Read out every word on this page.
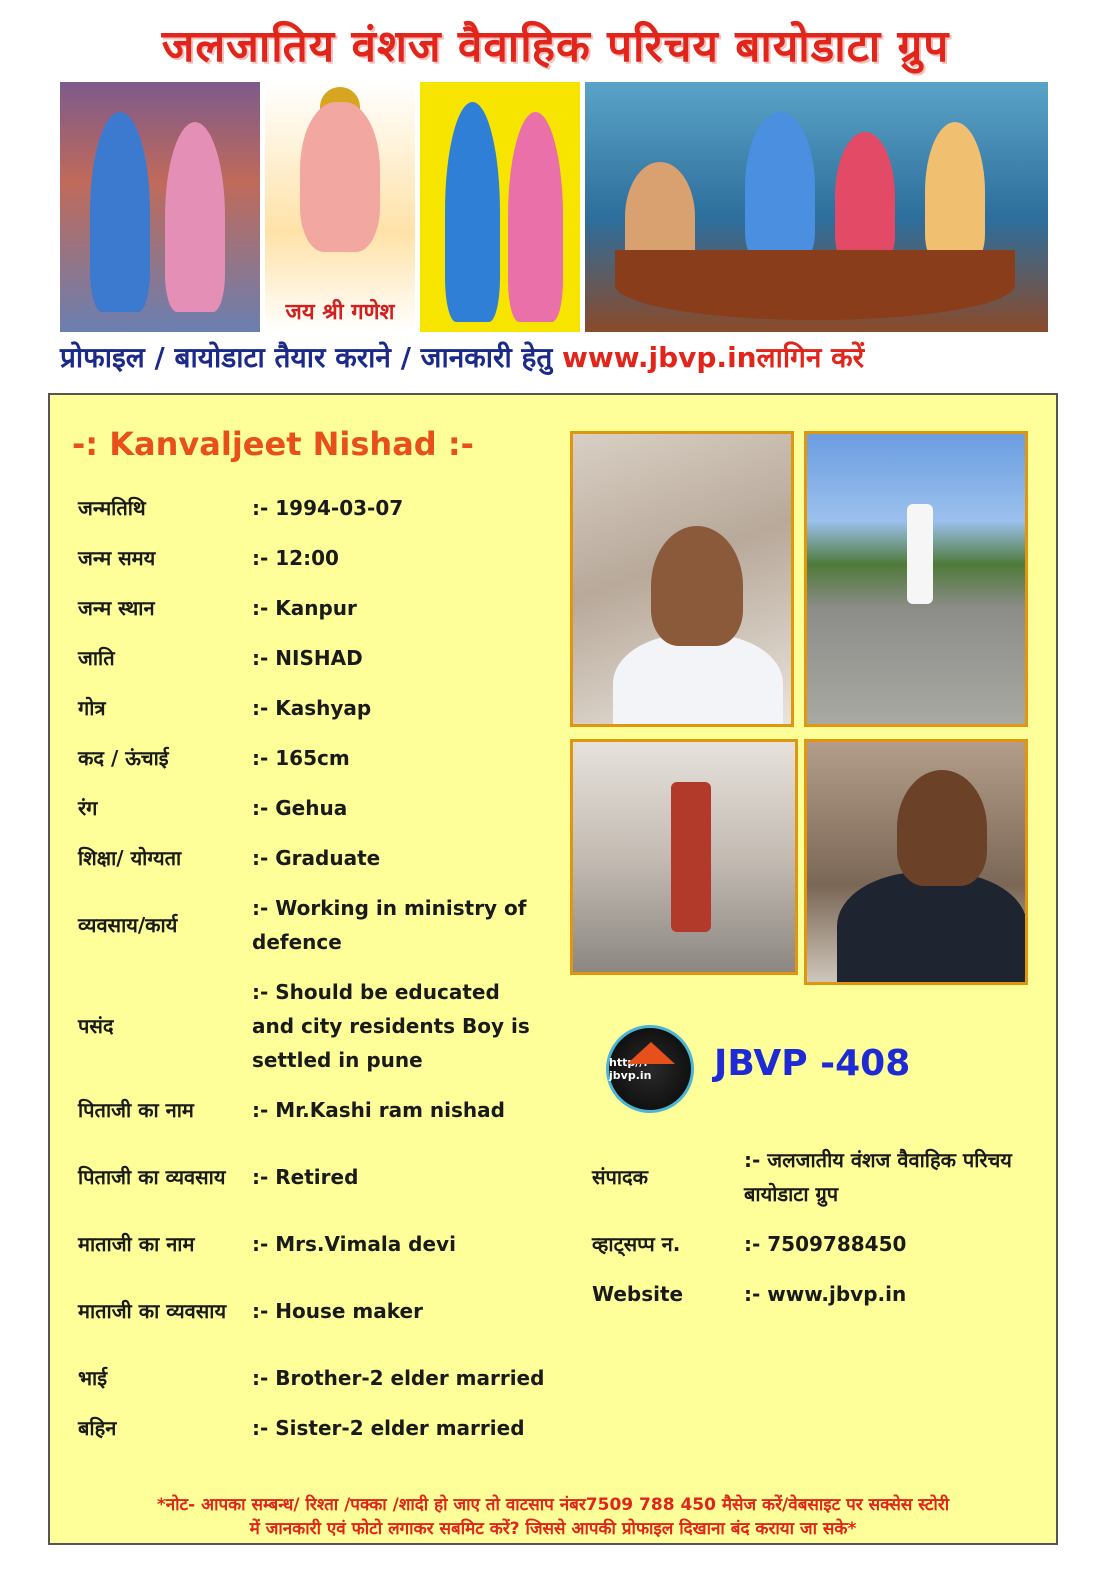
जलजातिय वंशज वैवाहिक परिचय बायोडाटा ग्रुप
जय श्री गणेश
प्रोफाइल / बायोडाटा तैयार कराने / जानकारी हेतु www.jbvp.inलागिन करें
-: Kanvaljeet Nishad :-
जन्मतिथि	:- 1994-03-07
जन्म समय	:- 12:00
जन्म स्थान	:- Kanpur
जाति	:- NISHAD
गोत्र	:- Kashyap
कद / ऊंचाई	:- 165cm
रंग	:- Gehua
शिक्षा/ योग्यता	:- Graduate
व्यवसाय/कार्य	:- Working in ministry of defence
पसंद	:- Should be educated and city residents Boy is settled in pune
पिताजी का नाम	:- Mr.Kashi ram nishad
पिताजी का व्यवसाय	:- Retired
माताजी का नाम	:- Mrs.Vimala devi
माताजी का व्यवसाय	:- House maker
भाई	:- Brother-2 elder married
बहिन	:- Sister-2 elder married
http//: jbvp.in	JBVP -408
संपादक	:- जलजातीय वंशज वैवाहिक परिचय बायोडाटा ग्रुप
व्हाट्सप्प न.	:- 7509788450
Website	:- www.jbvp.in
*नोट- आपका सम्बन्ध/ रिश्ता /पक्का /शादी हो जाए तो वाटसाप नंबर7509 788 450 मैसेज करें/वेबसाइट पर सक्सेस स्टोरी
में जानकारी एवं फोटो लगाकर सबमिट करें? जिससे आपकी प्रोफाइल दिखाना बंद कराया जा सके*
